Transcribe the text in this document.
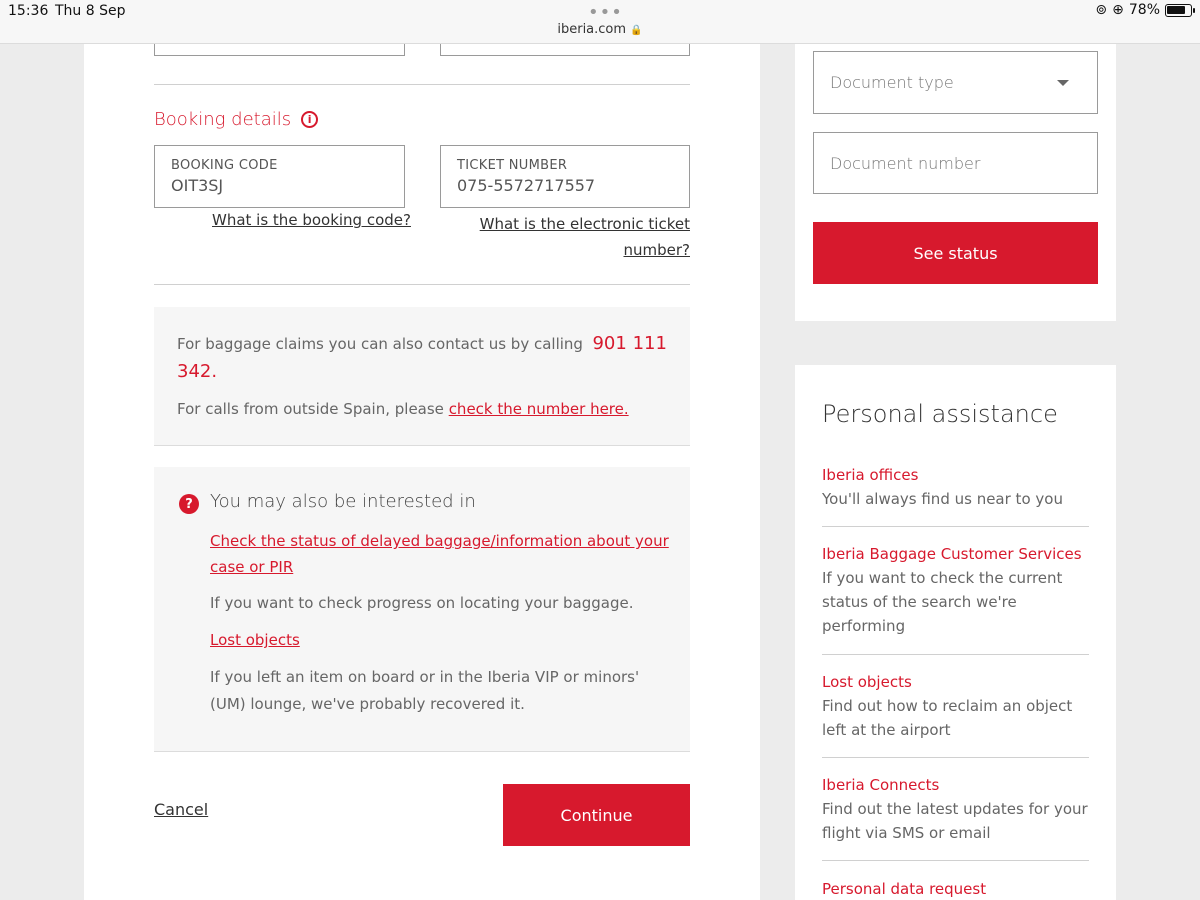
15:36 Thu 8 Sep	•••
iberia.com 🔒
⊚ ⊕ 78%
Booking details	i
BOOKING CODE
OIT3SJ
TICKET NUMBER
075-5572717557
What is the booking code?	What is the electronic ticket
number?
For baggage claims you can also contact us by calling 901 111
342.
For calls from outside Spain, please check the number here.
? You may also be interested in
Check the status of delayed baggage/information about your
case or PIR
If you want to check progress on locating your baggage.
Lost objects
If you left an item on board or in the Iberia VIP or minors'
(UM) lounge, we've probably recovered it.
Cancel	Continue
Document type
Document number
See status
Personal assistance
Iberia offices
You'll always find us near to you
Iberia Baggage Customer Services
If you want to check the current status of the search we're performing
Lost objects
Find out how to reclaim an object left at the airport
Iberia Connects
Find out the latest updates for your flight via SMS or email
Personal data request
